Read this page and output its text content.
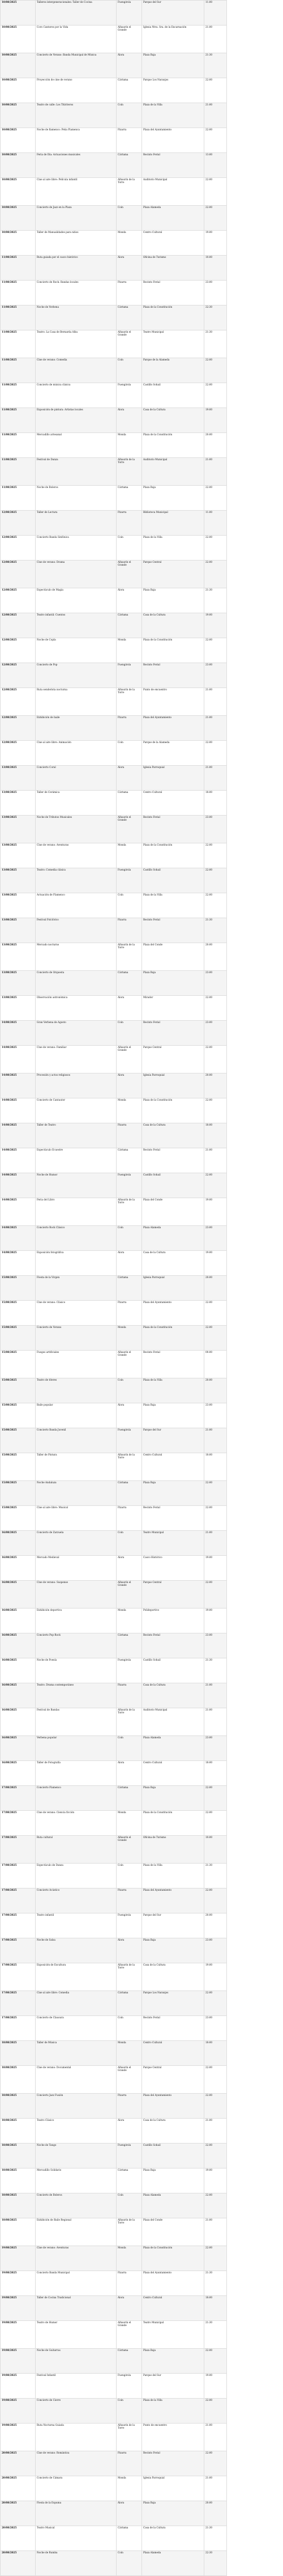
10/08/2025	Talleres intergeneracionales: Taller de Cocina	Fuengirola	Parque del Sur	11:00	
10/08/2025	Coro Cantores por la Vida	Alhaurín el Grande	Iglesia Ntra. Sra. de la Encarnación	21:00	
10/08/2025	Concierto de Verano: Banda Municipal de Música	Álora	Plaza Baja	21:30	
10/08/2025	Proyección de cine de verano	Cártama	Parque Los Naranjos	22:00	
10/08/2025	Teatro de calle: Los Titiriteros	Coín	Plaza de la Villa	21:00	
10/08/2025	Noche de flamenco: Peña Flamenca	Pizarra	Plaza del Ayuntamiento	22:00	
10/08/2025	Feria de Día: Actuaciones musicales	Cártama	Recinto Ferial	13:00	
10/08/2025	Cine al aire libre: Película infantil	Alhaurín de la Torre	Auditorio Municipal	22:00	
10/08/2025	Concierto de Jazz en la Plaza	Coín	Plaza Alameda	22:00	
10/08/2025	Taller de Manualidades para niños	Monda	Centro Cultural	19:00	
11/08/2025	Ruta guiada por el casco histórico	Álora	Oficina de Turismo	10:00	
11/08/2025	Concierto de Rock: Bandas locales	Pizarra	Recinto Ferial	23:00	
11/08/2025	Noche de Verbena	Cártama	Plaza de la Constitución	22:30	
11/08/2025	Teatro: La Casa de Bernarda Alba	Alhaurín el Grande	Teatro Municipal	21:30	
11/08/2025	Cine de verano: Comedia	Coín	Parque de la Alameda	22:00	
11/08/2025	Concierto de música clásica	Fuengirola	Castillo Sohail	22:00	
11/08/2025	Exposición de pintura: Artistas locales	Álora	Casa de la Cultura	19:00	
11/08/2025	Mercadillo artesanal	Monda	Plaza de la Constitución	20:00	
11/08/2025	Festival de Danza	Alhaurín de la Torre	Auditorio Municipal	21:00	
11/08/2025	Noche de Boleros	Cártama	Plaza Baja	22:00	
12/08/2025	Taller de Lectura	Pizarra	Biblioteca Municipal	11:00	
12/08/2025	Concierto Banda Sinfónica	Coín	Plaza de la Villa	22:00	
12/08/2025	Cine de verano: Drama	Alhaurín el Grande	Parque Central	22:00	
12/08/2025	Espectáculo de Magia	Álora	Plaza Baja	21:30	
12/08/2025	Teatro infantil: Cuentos	Cártama	Casa de la Cultura	19:00	
12/08/2025	Noche de Copla	Monda	Plaza de la Constitución	22:00	
12/08/2025	Concierto de Pop	Fuengirola	Recinto Ferial	23:00	
12/08/2025	Ruta senderista nocturna	Alhaurín de la Torre	Punto de encuentro	21:00	
12/08/2025	Exhibición de baile	Pizarra	Plaza del Ayuntamiento	21:00	
12/08/2025	Cine al aire libre: Animación	Coín	Parque de la Alameda	22:00	
13/08/2025	Concierto Coral	Álora	Iglesia Parroquial	21:00	
13/08/2025	Taller de Cerámica	Cártama	Centro Cultural	18:00	
13/08/2025	Noche de Tributos Musicales	Alhaurín el Grande	Recinto Ferial	23:00	
13/08/2025	Cine de verano: Aventuras	Monda	Plaza de la Constitución	22:00	
13/08/2025	Teatro: Comedia clásica	Fuengirola	Castillo Sohail	22:00	
13/08/2025	Actuación de Flamenco	Coín	Plaza de la Villa	22:00	
13/08/2025	Festival Folclórico	Pizarra	Recinto Ferial	21:30	
13/08/2025	Mercado nocturno	Alhaurín de la Torre	Plaza del Conde	20:00	
13/08/2025	Concierto de Orquesta	Cártama	Plaza Baja	23:00	
13/08/2025	Observación astronómica	Álora	Mirador	22:00	
14/08/2025	Gran Verbena de Agosto	Coín	Recinto Ferial	23:00	
14/08/2025	Cine de verano: Familiar	Alhaurín el Grande	Parque Central	22:00	
14/08/2025	Procesión y actos religiosos	Álora	Iglesia Parroquial	20:00	
14/08/2025	Concierto de Cantautor	Monda	Plaza de la Constitución	22:00	
14/08/2025	Taller de Teatro	Pizarra	Casa de la Cultura	18:00	
14/08/2025	Espectáculo Ecuestre	Cártama	Recinto Ferial	21:00	
14/08/2025	Noche de Humor	Fuengirola	Castillo Sohail	22:00	
14/08/2025	Feria del Libro	Alhaurín de la Torre	Plaza del Conde	19:00	
14/08/2025	Concierto Rock Clásico	Coín	Plaza Alameda	23:00	
14/08/2025	Exposición fotográfica	Álora	Casa de la Cultura	19:00	
15/08/2025	Fiesta de la Virgen	Cártama	Iglesia Parroquial	20:00	
15/08/2025	Cine de verano: Clásico	Pizarra	Plaza del Ayuntamiento	22:00	
15/08/2025	Concierto de Verano	Monda	Plaza de la Constitución	22:00	
15/08/2025	Fuegos artificiales	Alhaurín el Grande	Recinto Ferial	00:00	
15/08/2025	Teatro de títeres	Coín	Plaza de la Villa	20:00	
15/08/2025	Baile popular	Álora	Plaza Baja	23:00	
15/08/2025	Concierto Banda Juvenil	Fuengirola	Parque del Sur	21:00	
15/08/2025	Taller de Pintura	Alhaurín de la Torre	Centro Cultural	18:00	
15/08/2025	Noche Andaluza	Cártama	Plaza Baja	22:00	
15/08/2025	Cine al aire libre: Musical	Pizarra	Recinto Ferial	22:00	
16/08/2025	Concierto de Zarzuela	Coín	Teatro Municipal	21:00	
16/08/2025	Mercado Medieval	Álora	Casco Histórico	19:00	
16/08/2025	Cine de verano: Suspense	Alhaurín el Grande	Parque Central	22:00	
16/08/2025	Exhibición deportiva	Monda	Polideportivo	19:00	
16/08/2025	Concierto Pop-Rock	Cártama	Recinto Ferial	23:00	
16/08/2025	Noche de Poesía	Fuengirola	Castillo Sohail	21:30	
16/08/2025	Teatro: Drama contemporáneo	Pizarra	Casa de la Cultura	21:00	
16/08/2025	Festival de Bandas	Alhaurín de la Torre	Auditorio Municipal	21:00	
16/08/2025	Verbena popular	Coín	Plaza Alameda	23:00	
16/08/2025	Taller de Fotografía	Álora	Centro Cultural	18:00	
17/08/2025	Concierto Flamenco	Cártama	Plaza Baja	22:00	
17/08/2025	Cine de verano: Ciencia ficción	Monda	Plaza de la Constitución	22:00	
17/08/2025	Ruta cultural	Alhaurín el Grande	Oficina de Turismo	10:00	
17/08/2025	Espectáculo de Danza	Coín	Plaza de la Villa	21:30	
17/08/2025	Concierto Acústico	Pizarra	Plaza del Ayuntamiento	22:00	
17/08/2025	Teatro infantil	Fuengirola	Parque del Sur	20:00	
17/08/2025	Noche de Salsa	Álora	Plaza Baja	23:00	
17/08/2025	Exposición de Escultura	Alhaurín de la Torre	Casa de la Cultura	19:00	
17/08/2025	Cine al aire libre: Comedia	Cártama	Parque Los Naranjos	22:00	
17/08/2025	Concierto de Clausura	Coín	Recinto Ferial	23:00	
18/08/2025	Taller de Música	Monda	Centro Cultural	18:00	
18/08/2025	Cine de verano: Documental	Alhaurín el Grande	Parque Central	22:00	
18/08/2025	Concierto Jazz Fusión	Pizarra	Plaza del Ayuntamiento	22:00	
18/08/2025	Teatro Clásico	Álora	Casa de la Cultura	21:00	
18/08/2025	Noche de Tango	Fuengirola	Castillo Sohail	22:00	
18/08/2025	Mercadillo Solidario	Cártama	Plaza Baja	19:00	
18/08/2025	Concierto de Boleros	Coín	Plaza Alameda	22:00	
18/08/2025	Exhibición de Baile Regional	Alhaurín de la Torre	Plaza del Conde	21:00	
19/08/2025	Cine de verano: Aventuras	Monda	Plaza de la Constitución	22:00	
19/08/2025	Concierto Banda Municipal	Pizarra	Plaza del Ayuntamiento	21:30	
19/08/2025	Taller de Cocina Tradicional	Álora	Centro Cultural	18:00	
19/08/2025	Teatro de Humor	Alhaurín el Grande	Teatro Municipal	21:30	
19/08/2025	Noche de Guitarras	Cártama	Plaza Baja	22:00	
19/08/2025	Festival Infantil	Fuengirola	Parque del Sur	19:00	
19/08/2025	Concierto de Cierre	Coín	Plaza de la Villa	22:00	
19/08/2025	Ruta Nocturna Guiada	Alhaurín de la Torre	Punto de encuentro	21:00	
20/08/2025	Cine de verano: Romántica	Pizarra	Recinto Ferial	22:00	
20/08/2025	Concierto de Cámara	Monda	Iglesia Parroquial	21:00	
20/08/2025	Fiesta de la Espuma	Álora	Plaza Baja	20:00	
20/08/2025	Teatro Musical	Cártama	Casa de la Cultura	21:30	
20/08/2025	Noche de Rumba	Coín	Plaza Alameda	22:30	
